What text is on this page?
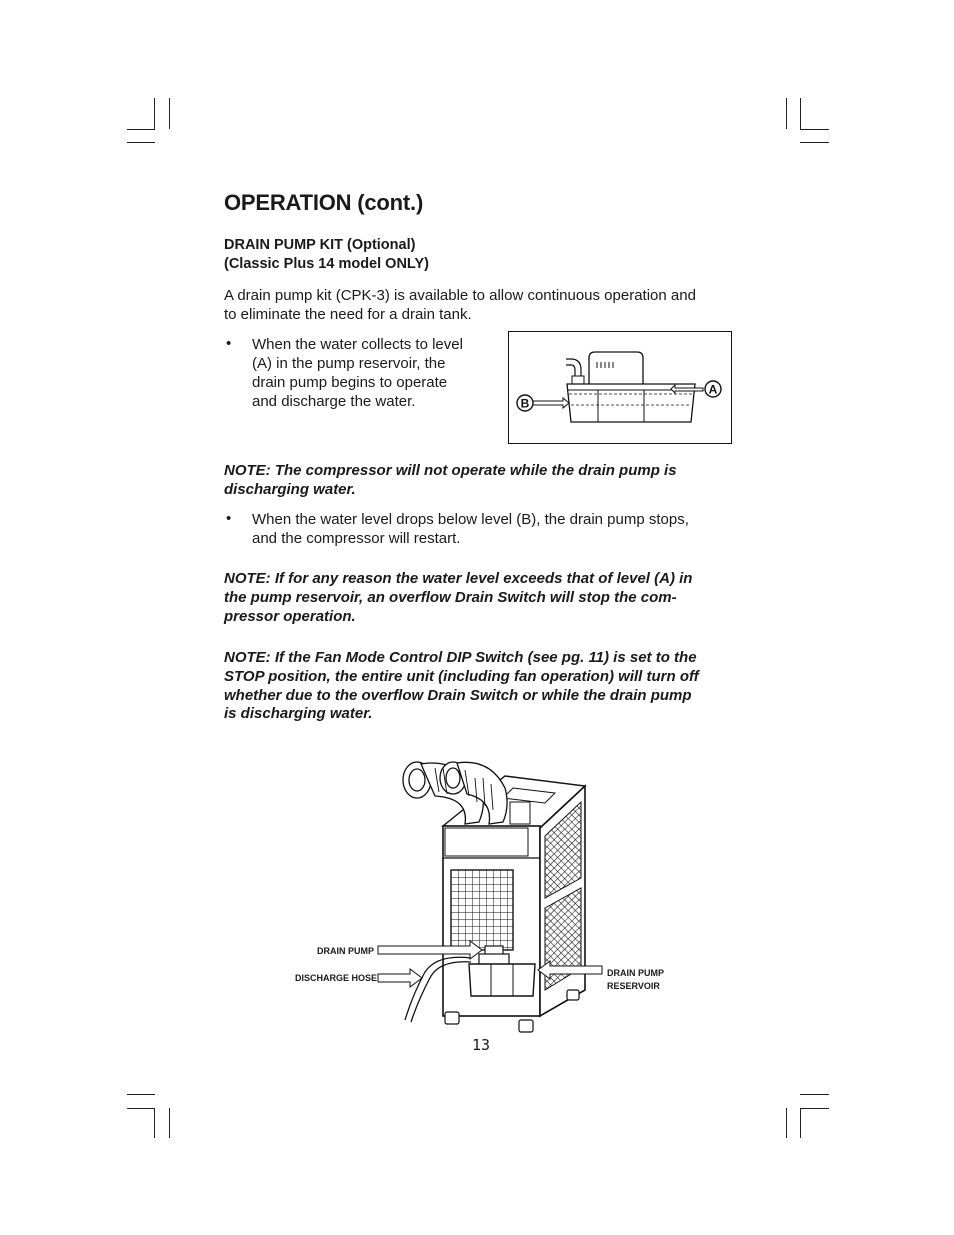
OPERATION (cont.)
DRAIN PUMP KIT (Optional)
(Classic Plus 14 model ONLY)
A drain pump kit (CPK-3) is available to allow continuous operation and
to eliminate the need for a drain tank.
• When the water collects to level
(A) in the pump reservoir, the
drain pump begins to operate
and discharge the water.
A
B
NOTE: The compressor will not operate while the drain pump is
discharging water.
• When the water level drops below level (B), the drain pump stops,
and the compressor will restart.
NOTE: If for any reason the water level exceeds that of level (A) in
the pump reservoir, an overflow Drain Switch will stop the com-
pressor operation.
NOTE: If the Fan Mode Control DIP Switch (see pg. 11) is set to the
STOP position, the entire unit (including fan operation) will turn off
whether due to the overflow Drain Switch or while the drain pump
is discharging water.
DRAIN PUMP
DISCHARGE HOSE	DRAIN PUMP
RESERVOIR
13
